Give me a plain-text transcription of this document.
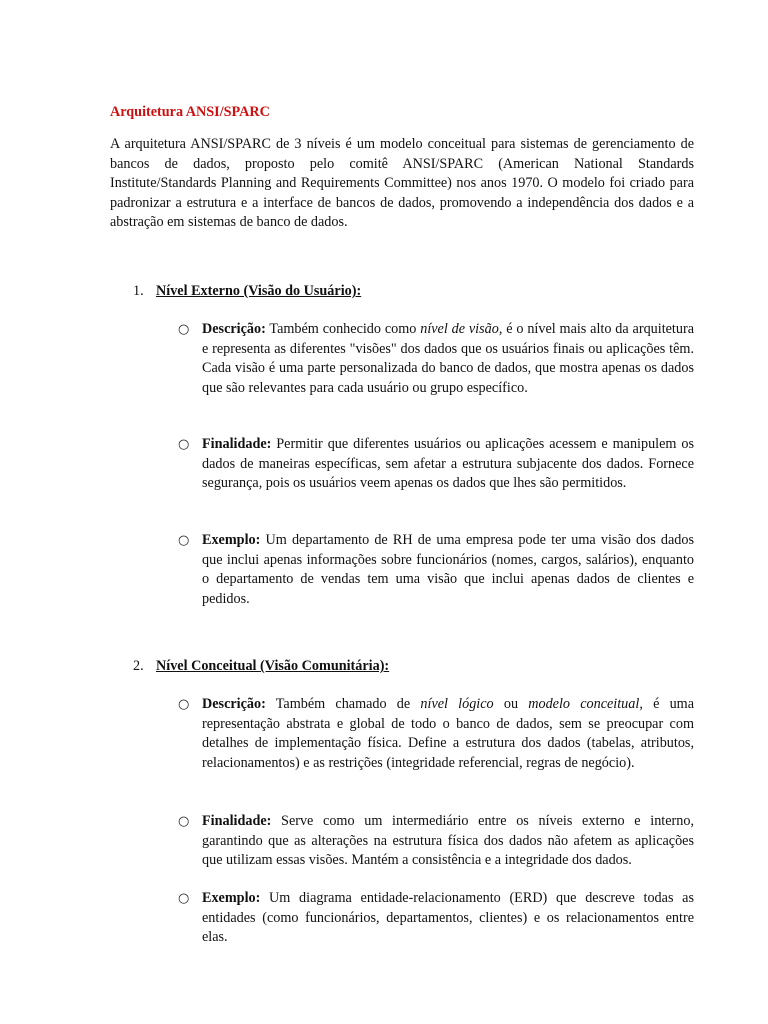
Arquitetura ANSI/SPARC

A arquitetura ANSI/SPARC de 3 níveis é um modelo conceitual para sistemas de gerenciamento de bancos de dados, proposto pelo comitê ANSI/SPARC (American National Standards Institute/Standards Planning and Requirements Committee) nos anos 1970. O modelo foi criado para padronizar a estrutura e a interface de bancos de dados, promovendo a independência dos dados e a abstração em sistemas de banco de dados.

1. Nível Externo (Visão do Usuário):

○ Descrição: Também conhecido como nível de visão, é o nível mais alto da arquitetura e representa as diferentes "visões" dos dados que os usuários finais ou aplicações têm. Cada visão é uma parte personalizada do banco de dados, que mostra apenas os dados que são relevantes para cada usuário ou grupo específico.

○ Finalidade: Permitir que diferentes usuários ou aplicações acessem e manipulem os dados de maneiras específicas, sem afetar a estrutura subjacente dos dados. Fornece segurança, pois os usuários veem apenas os dados que lhes são permitidos.

○ Exemplo: Um departamento de RH de uma empresa pode ter uma visão dos dados que inclui apenas informações sobre funcionários (nomes, cargos, salários), enquanto o departamento de vendas tem uma visão que inclui apenas dados de clientes e pedidos.

2. Nível Conceitual (Visão Comunitária):

○ Descrição: Também chamado de nível lógico ou modelo conceitual, é uma representação abstrata e global de todo o banco de dados, sem se preocupar com detalhes de implementação física. Define a estrutura dos dados (tabelas, atributos, relacionamentos) e as restrições (integridade referencial, regras de negócio).

○ Finalidade: Serve como um intermediário entre os níveis externo e interno, garantindo que as alterações na estrutura física dos dados não afetem as aplicações que utilizam essas visões. Mantém a consistência e a integridade dos dados.

○ Exemplo: Um diagrama entidade-relacionamento (ERD) que descreve todas as entidades (como funcionários, departamentos, clientes) e os relacionamentos entre elas.
